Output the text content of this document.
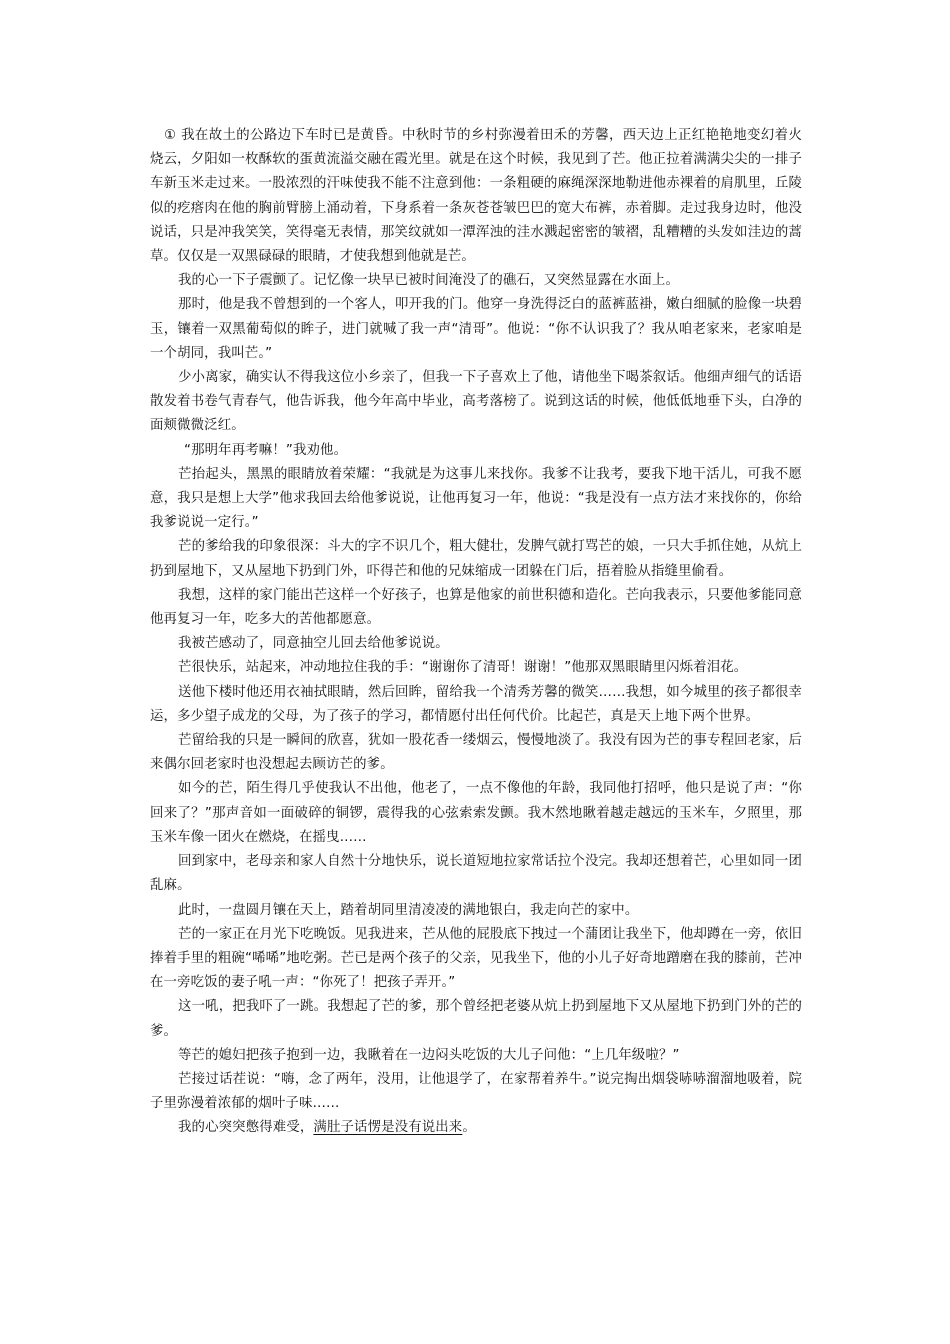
① 我在故土的公路边下车时已是黄昏。中秋时节的乡村弥漫着田禾的芳馨，西天边上正红艳艳地变幻着火烧云，夕阳如一枚酥软的蛋黄流溢交融在霞光里。就是在这个时候，我见到了芒。他正拉着满满尖尖的一排子车新玉米走过来。一股浓烈的汗味使我不能不注意到他：一条粗硬的麻绳深深地勒进他赤裸着的肩肌里，丘陵似的疙瘩肉在他的胸前臂膀上涌动着，下身系着一条灰苍苍皱巴巴的宽大布裤，赤着脚。走过我身边时，他没说话，只是冲我笑笑，笑得毫无表情，那笑纹就如一潭浑浊的洼水溅起密密的皱褶，乱糟糟的头发如洼边的蒿草。仅仅是一双黑碌碌的眼睛，才使我想到他就是芒。

我的心一下子震颤了。记忆像一块早已被时间淹没了的礁石，又突然显露在水面上。

那时，他是我不曾想到的一个客人，叩开我的门。他穿一身洗得泛白的蓝裤蓝褂，嫩白细腻的脸像一块碧玉，镶着一双黑葡萄似的眸子，进门就喊了我一声“清哥”。他说：“你不认识我了？我从咱老家来，老家咱是一个胡同，我叫芒。”

少小离家，确实认不得我这位小乡亲了，但我一下子喜欢上了他，请他坐下喝茶叙话。他细声细气的话语散发着书卷气青春气，他告诉我，他今年高中毕业，高考落榜了。说到这话的时候，他低低地垂下头，白净的面颊微微泛红。

“那明年再考嘛！”我劝他。

芒抬起头，黑黑的眼睛放着荣耀：“我就是为这事儿来找你。我爹不让我考，要我下地干活儿，可我不愿意，我只是想上大学”他求我回去给他爹说说，让他再复习一年，他说：“我是没有一点方法才来找你的，你给我爹说说一定行。”

芒的爹给我的印象很深：斗大的字不识几个，粗大健壮，发脾气就打骂芒的娘，一只大手抓住她，从炕上扔到屋地下，又从屋地下扔到门外，吓得芒和他的兄妹缩成一团躲在门后，捂着脸从指缝里偷看。

我想，这样的家门能出芒这样一个好孩子，也算是他家的前世积德和造化。芒向我表示，只要他爹能同意他再复习一年，吃多大的苦他都愿意。

我被芒感动了，同意抽空儿回去给他爹说说。

芒很快乐，站起来，冲动地拉住我的手：“谢谢你了清哥！谢谢！”他那双黑眼睛里闪烁着泪花。

送他下楼时他还用衣袖拭眼睛，然后回眸，留给我一个清秀芳馨的微笑……我想，如今城里的孩子都很幸运，多少望子成龙的父母，为了孩子的学习，都情愿付出任何代价。比起芒，真是天上地下两个世界。

芒留给我的只是一瞬间的欣喜，犹如一股花香一缕烟云，慢慢地淡了。我没有因为芒的事专程回老家，后来偶尔回老家时也没想起去顾访芒的爹。

如今的芒，陌生得几乎使我认不出他，他老了，一点不像他的年龄，我同他打招呼，他只是说了声：“你回来了？”那声音如一面破碎的铜锣，震得我的心弦索索发颤。我木然地瞅着越走越远的玉米车，夕照里，那玉米车像一团火在燃烧，在摇曳……

回到家中，老母亲和家人自然十分地快乐，说长道短地拉家常话拉个没完。我却还想着芒，心里如同一团乱麻。

此时，一盘圆月镶在天上，踏着胡同里清凌凌的满地银白，我走向芒的家中。

芒的一家正在月光下吃晚饭。见我进来，芒从他的屁股底下拽过一个蒲团让我坐下，他却蹲在一旁，依旧捧着手里的粗碗“唏唏”地吃粥。芒已是两个孩子的父亲，见我坐下，他的小儿子好奇地蹭磨在我的膝前，芒冲在一旁吃饭的妻子吼一声：“你死了！把孩子弄开。”

这一吼，把我吓了一跳。我想起了芒的爹，那个曾经把老婆从炕上扔到屋地下又从屋地下扔到门外的芒的爹。

等芒的媳妇把孩子抱到一边，我瞅着在一边闷头吃饭的大儿子问他：“上几年级啦？”

芒接过话茬说：“嗨，念了两年，没用，让他退学了，在家帮着养牛。”说完掏出烟袋哧哧溜溜地吸着，院子里弥漫着浓郁的烟叶子味……

我的心突突憋得难受，满肚子话愣是没有说出来。
